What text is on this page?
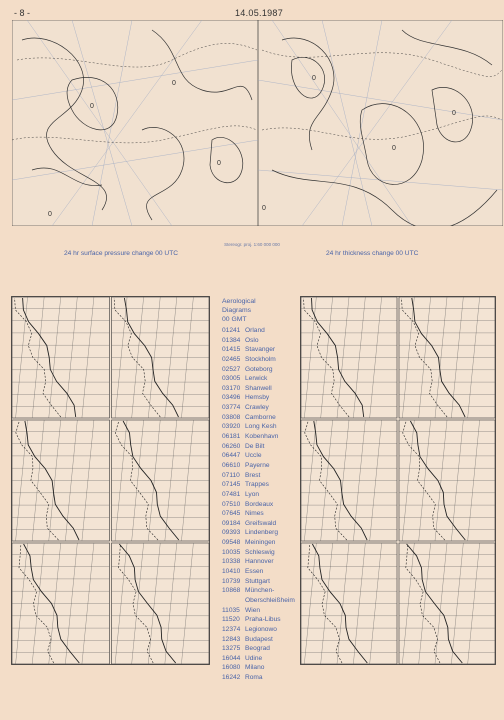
- 8 -	14.05.1987
0
0
0
0
0
0
0
0
Stereogr. proj. 1:60 000 000
24 hr surface pressure change 00 UTC	24 hr thickness change 00 UTC
Aerological
Diagrams
00 GMT
01241 Orland
01384 Oslo
01415 Stavanger
02465 Stockholm
02527 Goteborg
03005 Lerwick
03170 Shanwell
03496 Hemsby
03774 Crawley
03808 Camborne
03920 Long Kesh
06181 Kobenhavn
06260 De Bilt
06447 Uccle
06610 Payerne
07110 Brest
07145 Trappes
07481 Lyon
07510 Bordeaux
07645 Nimes
09184 Greifswald
09393 Lindenberg
09548 Meiningen
10035 Schleswig
10338 Hannover
10410 Essen
10739 Stuttgart
10868 München-
Oberschleißheim
11035 Wien
11520 Praha-Libus
12374 Legionowo
12843 Budapest
13275 Beograd
16044 Udine
16080 Milano
16242 Roma
